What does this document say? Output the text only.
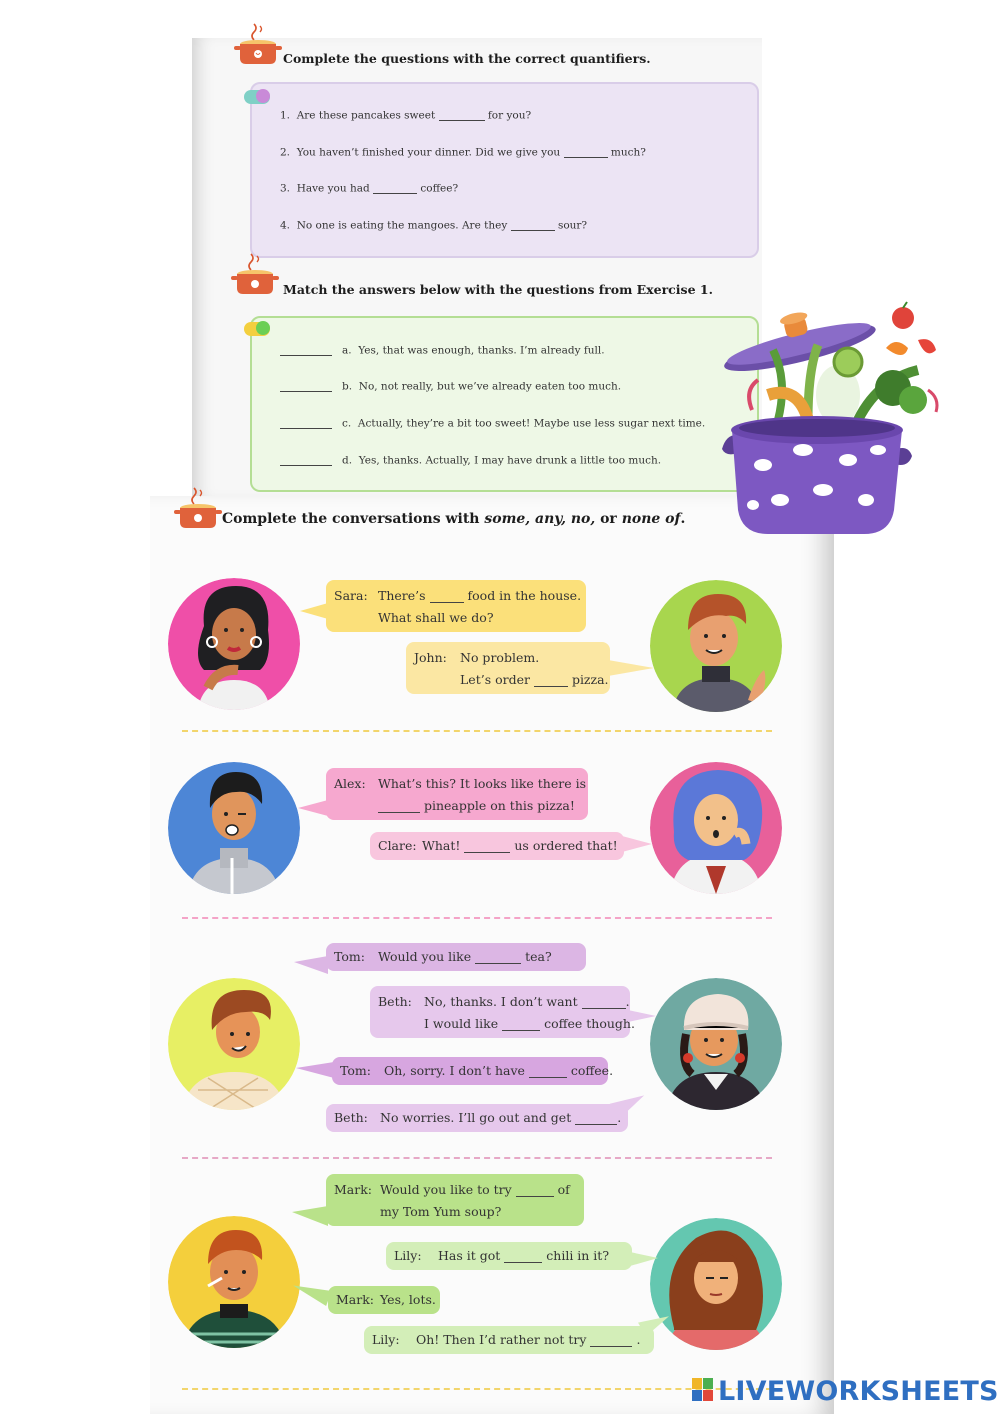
Complete the questions with the correct quantifiers.
1.  Are these pancakes sweet	for you?
2.  You haven’t finished your dinner. Did we give you	much?
3.  Have you had	coffee?
4.  No one is eating the mangoes. Are they	sour?
Match the answers below with the questions from Exercise 1.
a.  Yes, that was enough, thanks. I’m already full.
b.  No, not really, but we’ve already eaten too much.
c.  Actually, they’re a bit too sweet! Maybe use less sugar next time.
d.  Yes, thanks. Actually, I may have drunk a little too much.
Complete the conversations with some, any, no, or none of.
Sara: There’s	food in the house.
What shall we do?
John: No problem.
Let’s order	pizza.
Alex: What’s this? It looks like there is
pineapple on this pizza!
Clare: What!	us ordered that!
Tom: Would you like	tea?
Beth: No, thanks. I don’t want	.
I would like	coffee though.
Tom: Oh, sorry. I don’t have	coffee.
Beth: No worries. I’ll go out and get	.
Mark: Would you like to try	of
my Tom Yum soup?
Lily: Has it got	chili in it?
Mark: Yes, lots.
Lily: Oh! Then I’d rather not try	.
LIVEWORKSHEETS
